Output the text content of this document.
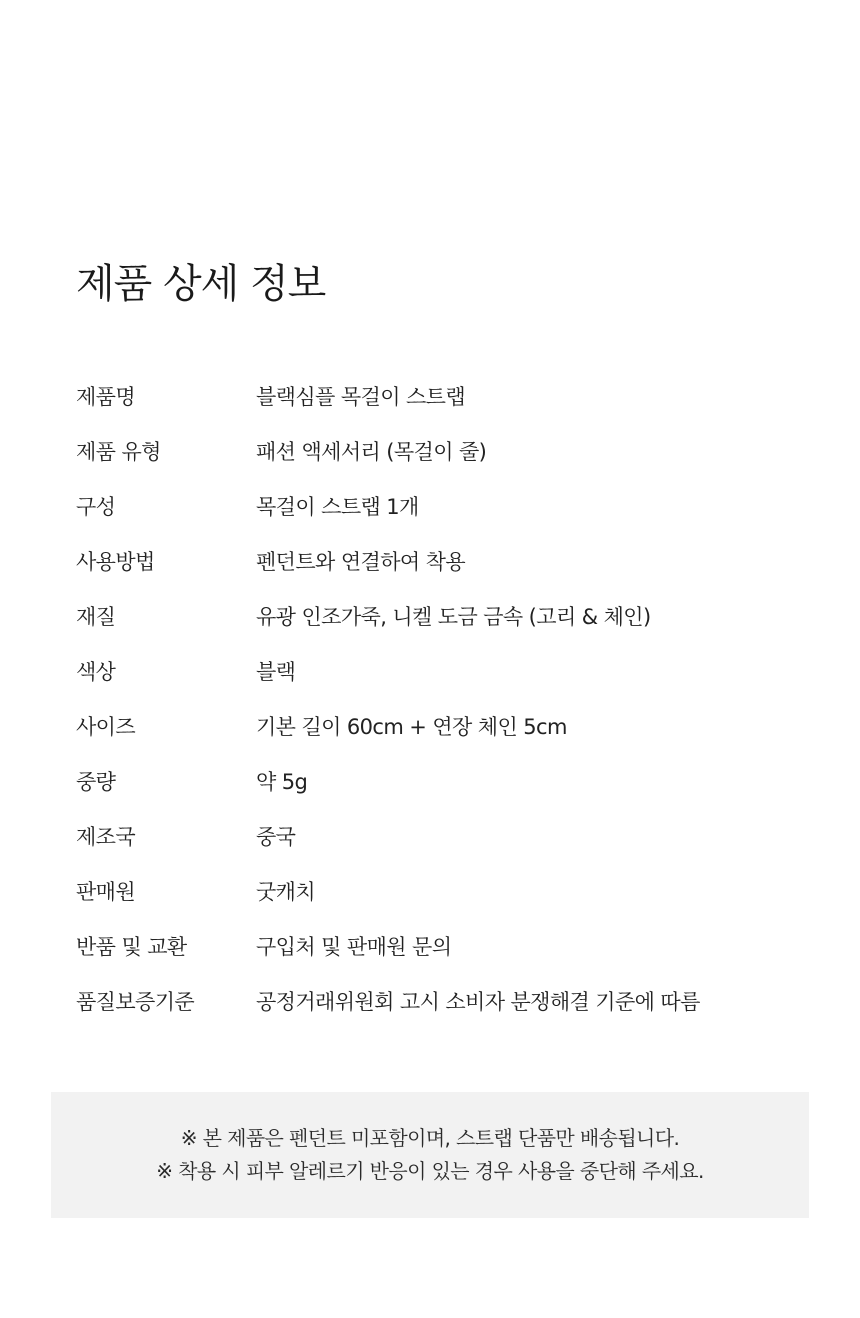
제품 상세 정보
제품명	블랙심플 목걸이 스트랩
제품 유형	패션 액세서리 (목걸이 줄)
구성	목걸이 스트랩 1개
사용방법	펜던트와 연결하여 착용
재질	유광 인조가죽, 니켈 도금 금속 (고리 & 체인)
색상	블랙
사이즈	기본 길이 60cm + 연장 체인 5cm
중량	약 5g
제조국	중국
판매원	굿캐치
반품 및 교환	구입처 및 판매원 문의
품질보증기준	공정거래위원회 고시 소비자 분쟁해결 기준에 따름
※ 본 제품은 펜던트 미포함이며, 스트랩 단품만 배송됩니다.
※ 착용 시 피부 알레르기 반응이 있는 경우 사용을 중단해 주세요.
